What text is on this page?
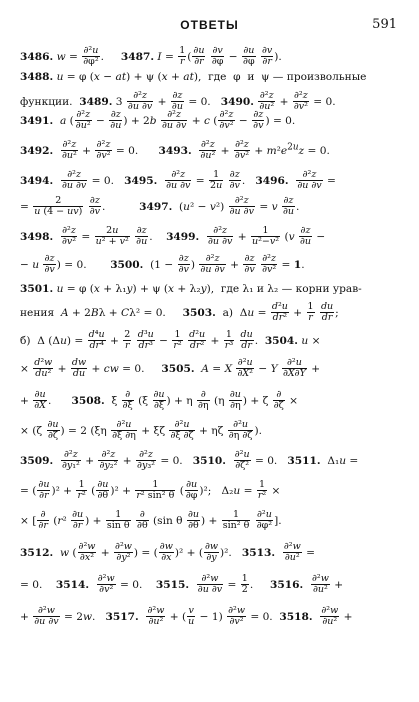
ОТВЕТЫ	591
3486. $w = \frac{\text{∂²u}}{\text{∂φ²}}$ .     3487. $I = \frac{1}{r}$ ( $\frac{\partial u}{\partial r}$
$\frac{\partial v}{\partial\varphi} - \frac{\partial u}{\partial\varphi}$
$\frac{\partial v}{\partial r}$ ).
3488. u = φ (x − at) + ψ (x + at),  где  φ  и  ψ — произвольные
функции.  3489. $3 \frac{\text{∂²z}}{\partial u \partial v} + \frac{\partial z}{\partial u} = 0$.   3490. $\frac{\text{∂²z}}{\text{∂u²}} + \frac{\text{∂²z}}{\text{∂v²}} = 0$.
3491. a ( $\frac{\text{∂²z}}{\text{∂u²}} - \frac{\partial z}{\partial u}$ ) + $2b \frac{\text{∂²z}}{\partial u \partial v} + c$ ( $\frac{\text{∂²z}}{\text{∂v²}} - \frac{\partial z}{\partial v}$ ) = 0.
3492. $\frac{\text{∂²z}}{\text{∂u²}} + \frac{\text{∂²z}}{\text{∂v²}} = 0$.      3493. $\frac{\text{∂²z}}{\text{∂u²}} + \frac{\text{∂²z}}{\text{∂v²}} + m^2e^{2u}z = 0$.
3494. $\frac{\text{∂²z}}{\partial u \partial v} = 0$.   3495. $\frac{\text{∂²z}}{\partial u \partial v} = \frac{1}{2u}$
$\frac{\partial z}{\partial v}$ .   3496. $\frac{\text{∂²z}}{\partial u \partial v}$ =
= $\frac{2}{u (4 - uv)}$
$\frac{\partial z}{\partial v}$ .          3497.  $(u^2 - v^2) \frac{\text{∂²z}}{\partial u \partial v} = v \frac{\partial z}{\partial u}$ .
3498. $\frac{\text{∂²z}}{\text{∂v²}} = \frac{2u}{\text{u² + v²}}$
$\frac{\partial z}{\partial u}$ .    3499. $\frac{\text{∂²z}}{\partial u \partial v} + \frac{1}{\text{u²−v²}} (v \frac{\partial z}{\partial u}$ −
− u $\frac{\partial z}{\partial v}$ ) = 0.       3500.  ($1 - \frac{\partial z}{\partial v}$ ) $\frac{\text{∂²z}}{\partial u \partial v} + \frac{\partial z}{\partial v}$
$\frac{\text{∂²z}}{\text{∂v²}} = 1$.
3501. u = φ (x + λ₁y) + ψ (x + λ₂y),  где λ₁ и λ₂ — корни урав-
нения  A + 2Bλ + Cλ² = 0.     3503.  а)  $\Delta u = \frac{\text{d²u}}{\text{dr²}} + \frac{1}{r}$
$\frac{du}{dr}$ ;
б)  Δ $(\Delta u) = \frac{\text{d⁴u}}{\text{dr⁴}} + \frac{2}{r}$
$\frac{\text{d³u}}{\text{dr³}} - \frac{1}{\text{r²}}$
$\frac{\text{d²u}}{\text{dr²}} + \frac{1}{\text{r³}}$
$\frac{du}{dr}$ .  3504. u ×
× $\frac{\text{d²w}}{\text{du²}} + \frac{dw}{du}$ + cw = 0.     3505. A = X $\frac{\text{∂²u}}{\text{∂X²}} - Y \frac{\text{∂²u}}{\partial X\partial Y}$ +
+ $\frac{\partial u}{\partial X}$ .      3508.  ξ
∂
∂ξ ($\xi \frac{\partial u}{\partial\xi}$ ) + η
∂
∂η ($\eta \frac{\partial u}{\partial\eta}$ ) + ζ
∂
∂ζ ×
× ($\zeta \frac{\partial u}{\partial\zeta}$ ) = 2 ($\xi\eta \frac{\text{∂²u}}{\partial\xi \partial\eta} + \xi\zeta \frac{\text{∂²u}}{\partial\xi \partial\zeta} + \eta\zeta \frac{\text{∂²u}}{\partial\eta \partial\zeta}$ ).
3509. $\frac{\text{∂²z}}{\text{∂y₁²}} + \frac{\text{∂²z}}{\text{∂y₂²}} + \frac{\text{∂²z}}{\text{∂y₃²}} = 0$.   3510. $\frac{\text{∂²u}}{\text{∂ζ²}} = 0$.   3511.  Δ₁u =
= ( $\frac{\partial u}{\partial r} )^2 + \frac{1}{\text{r²}}$ ( $\frac{\partial u}{\partial\theta} )^2 + \frac{1}{\text{r² sin² θ}}$ ( $\frac{\partial u}{\partial\varphi} )^2$;   $\Delta_2u = \frac{1}{\text{r²}}$ ×
× [
∂
∂r ($r^2 \frac{\partial u}{\partial r}$ ) + $\frac{1}{\text{sin θ}}$
∂
∂θ (sin θ $\frac{\partial u}{\partial\theta}$ ) + $\frac{1}{\text{sin² θ}}$
$\frac{\text{∂²u}}{\text{∂φ²}}$ ].
3512. w ( $\frac{\text{∂²w}}{\text{∂x²}} + \frac{\text{∂²w}}{\text{∂y²}}$ ) = ( $\frac{\partial w}{\partial x} )^2$ + ( $\frac{\partial w}{\partial y} )^2$.   3513. $\frac{\text{∂²w}}{\text{∂u²}}$ =
= 0.    3514. $\frac{\text{∂²w}}{\text{∂v²}} = 0$.    3515. $\frac{\text{∂²w}}{\partial u \partial v} = \frac{1}{2}$ .     3516. $\frac{\text{∂²w}}{\text{∂u²}}$ +
+ $\frac{\text{∂²w}}{\partial u \partial v} = 2w$.   3517. $\frac{\text{∂²w}}{\text{∂u²}}$ + ( $\frac{v}{u} - 1) \frac{\text{∂²w}}{\text{∂v²}} = 0$.  3518. $\frac{\text{∂²w}}{\text{∂u²}}$ +
